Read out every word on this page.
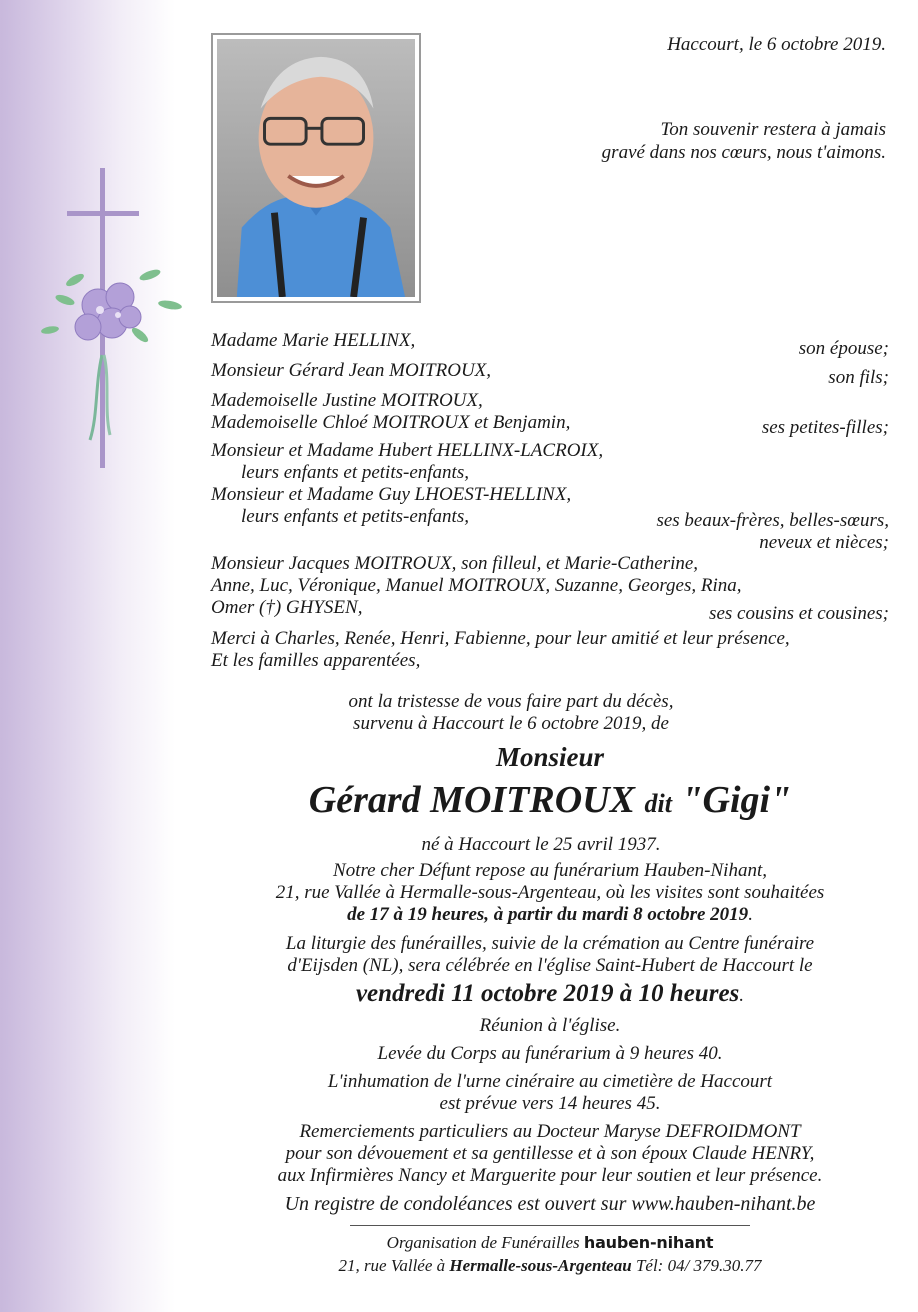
Haccourt, le 6 octobre 2019.
Ton souvenir restera à jamais
gravé dans nos cœurs, nous t'aimons.
Madame Marie HELLINX,	son épouse;
Monsieur Gérard Jean MOITROUX,	son fils;
Mademoiselle Justine MOITROUX,
Mademoiselle Chloé MOITROUX et Benjamin,	ses petites-filles;
Monsieur et Madame Hubert HELLINX-LACROIX,
leurs enfants et petits-enfants,
Monsieur et Madame Guy LHOEST-HELLINX,
leurs enfants et petits-enfants,	ses beaux-frères, belles-sœurs,
neveux et nièces;
Monsieur Jacques MOITROUX, son filleul, et Marie-Catherine,
Anne, Luc, Véronique, Manuel MOITROUX, Suzanne, Georges, Rina,
Omer (†) GHYSEN,	ses cousins et cousines;
Merci à Charles, Renée, Henri, Fabienne, pour leur amitié et leur présence,
Et les familles apparentées,
ont la tristesse de vous faire part du décès,
survenu à Haccourt le 6 octobre 2019, de
Monsieur
Gérard MOITROUX dit "Gigi"
né à Haccourt le 25 avril 1937.
Notre cher Défunt repose au funérarium Hauben-Nihant,
21, rue Vallée à Hermalle-sous-Argenteau, où les visites sont souhaitées
de 17 à 19 heures, à partir du mardi 8 octobre 2019.
La liturgie des funérailles, suivie de la crémation au Centre funéraire
d'Eijsden (NL), sera célébrée en l'église Saint-Hubert de Haccourt le
vendredi 11 octobre 2019 à 10 heures.
Réunion à l'église.
Levée du Corps au funérarium à 9 heures 40.
L'inhumation de l'urne cinéraire au cimetière de Haccourt
est prévue vers 14 heures 45.
Remerciements particuliers au Docteur Maryse DEFROIDMONT
pour son dévouement et sa gentillesse et à son époux Claude HENRY,
aux Infirmières Nancy et Marguerite pour leur soutien et leur présence.
Un registre de condoléances est ouvert sur www.hauben-nihant.be
Organisation de Funérailles hauben-nihant
21, rue Vallée à Hermalle-sous-Argenteau Tél: 04/ 379.30.77
